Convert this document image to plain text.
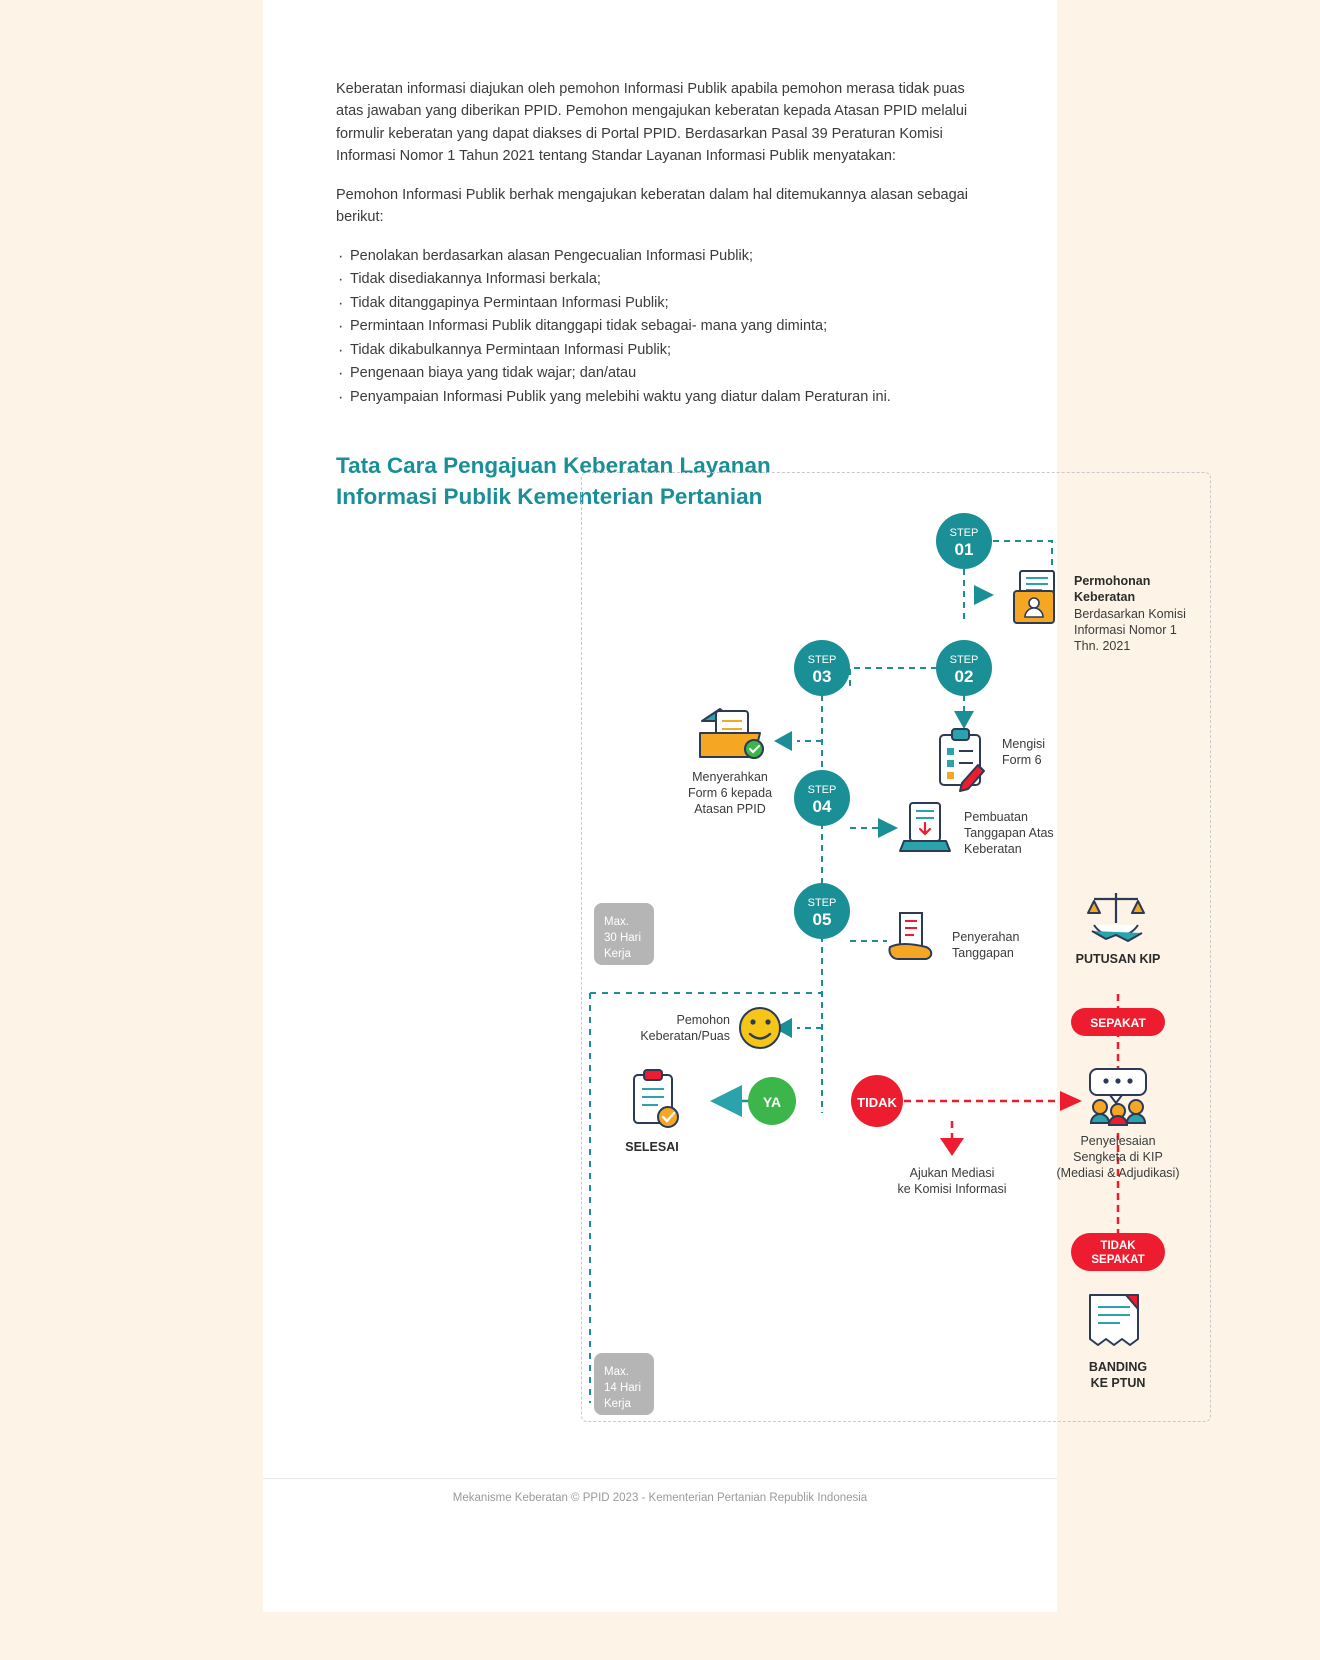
Keberatan informasi diajukan oleh pemohon Informasi Publik apabila pemohon merasa tidak puas atas jawaban yang diberikan PPID. Pemohon mengajukan keberatan kepada Atasan PPID melalui formulir keberatan yang dapat diakses di Portal PPID. Berdasarkan Pasal 39 Peraturan Komisi Informasi Nomor 1 Tahun 2021 tentang Standar Layanan Informasi Publik menyatakan:

Pemohon Informasi Publik berhak mengajukan keberatan dalam hal ditemukannya alasan sebagai berikut:

· Penolakan berdasarkan alasan Pengecualian Informasi Publik;
· Tidak disediakannya Informasi berkala;
· Tidak ditanggapinya Permintaan Informasi Publik;
· Permintaan Informasi Publik ditanggapi tidak sebagai- mana yang diminta;
· Tidak dikabulkannya Permintaan Informasi Publik;
· Pengenaan biaya yang tidak wajar; dan/atau
· Penyampaian Informasi Publik yang melebihi waktu yang diatur dalam Peraturan ini.
Tata Cara Pengajuan Keberatan Layanan
Informasi Publik Kementerian Pertanian
STEP
01
STEP
02
STEP
03
STEP
04
STEP
05
Permohonan
Keberatan
Berdasarkan Komisi
Informasi Nomor 1
Thn. 2021
Mengisi
Form 6
Menyerahkan
Form 6 kepada
Atasan PPID
Pembuatan
Tanggapan Atas
Keberatan
Penyerahan
Tanggapan
Pemohon
Keberatan/Puas
YA	TIDAK
SELESAI
Ajukan Mediasi
ke Komisi Informasi
Penyelesaian
Sengketa di KIP
(Mediasi & Adjudikasi)
PUTUSAN KIP
SEPAKAT
TIDAK
SEPAKAT
BANDING
KE PTUN
Max.
30 Hari
Kerja
Max.
14 Hari
Kerja
Mekanisme Keberatan © PPID 2023 - Kementerian Pertanian Republik Indonesia
